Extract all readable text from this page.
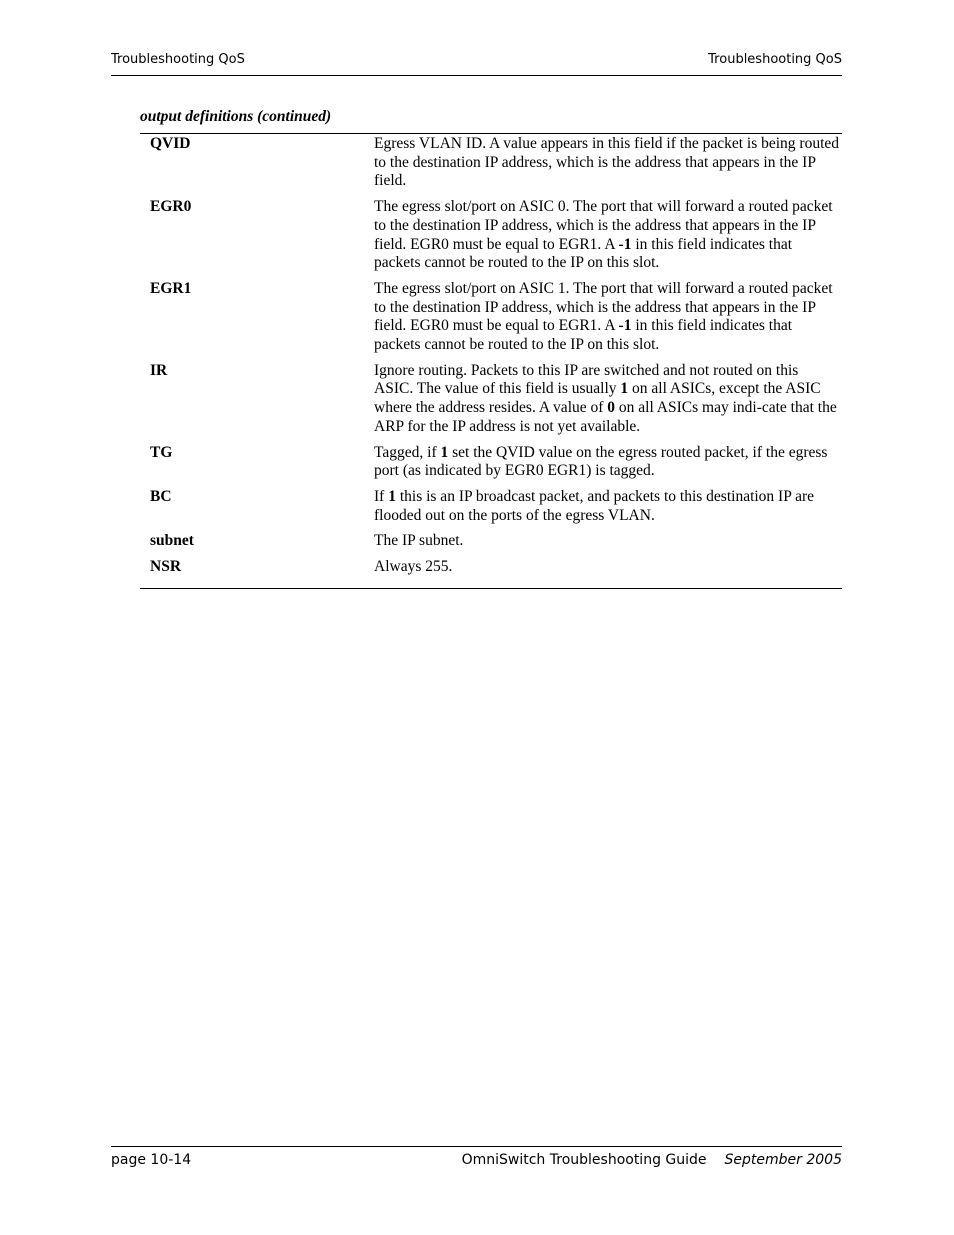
Troubleshooting QoS	Troubleshooting QoS
output definitions (continued)
QVID	Egress VLAN ID. A value appears in this field if the packet is being routed to the destination IP address, which is the address that appears in the IP field.
EGR0	The egress slot/port on ASIC 0. The port that will forward a routed packet to the destination IP address, which is the address that appears in the IP field. EGR0 must be equal to EGR1. A -1 in this field indicates that packets cannot be routed to the IP on this slot.
EGR1	The egress slot/port on ASIC 1. The port that will forward a routed packet to the destination IP address, which is the address that appears in the IP field. EGR0 must be equal to EGR1. A -1 in this field indicates that packets cannot be routed to the IP on this slot.
IR	Ignore routing. Packets to this IP are switched and not routed on this ASIC. The value of this field is usually 1 on all ASICs, except the ASIC where the address resides. A value of 0 on all ASICs may indi-cate that the ARP for the IP address is not yet available.
TG	Tagged, if 1 set the QVID value on the egress routed packet, if the egress port (as indicated by EGR0 EGR1) is tagged.
BC	If 1 this is an IP broadcast packet, and packets to this destination IP are flooded out on the ports of the egress VLAN.
subnet	The IP subnet.
NSR	Always 255.
page 10-14	OmniSwitch Troubleshooting Guide September 2005
